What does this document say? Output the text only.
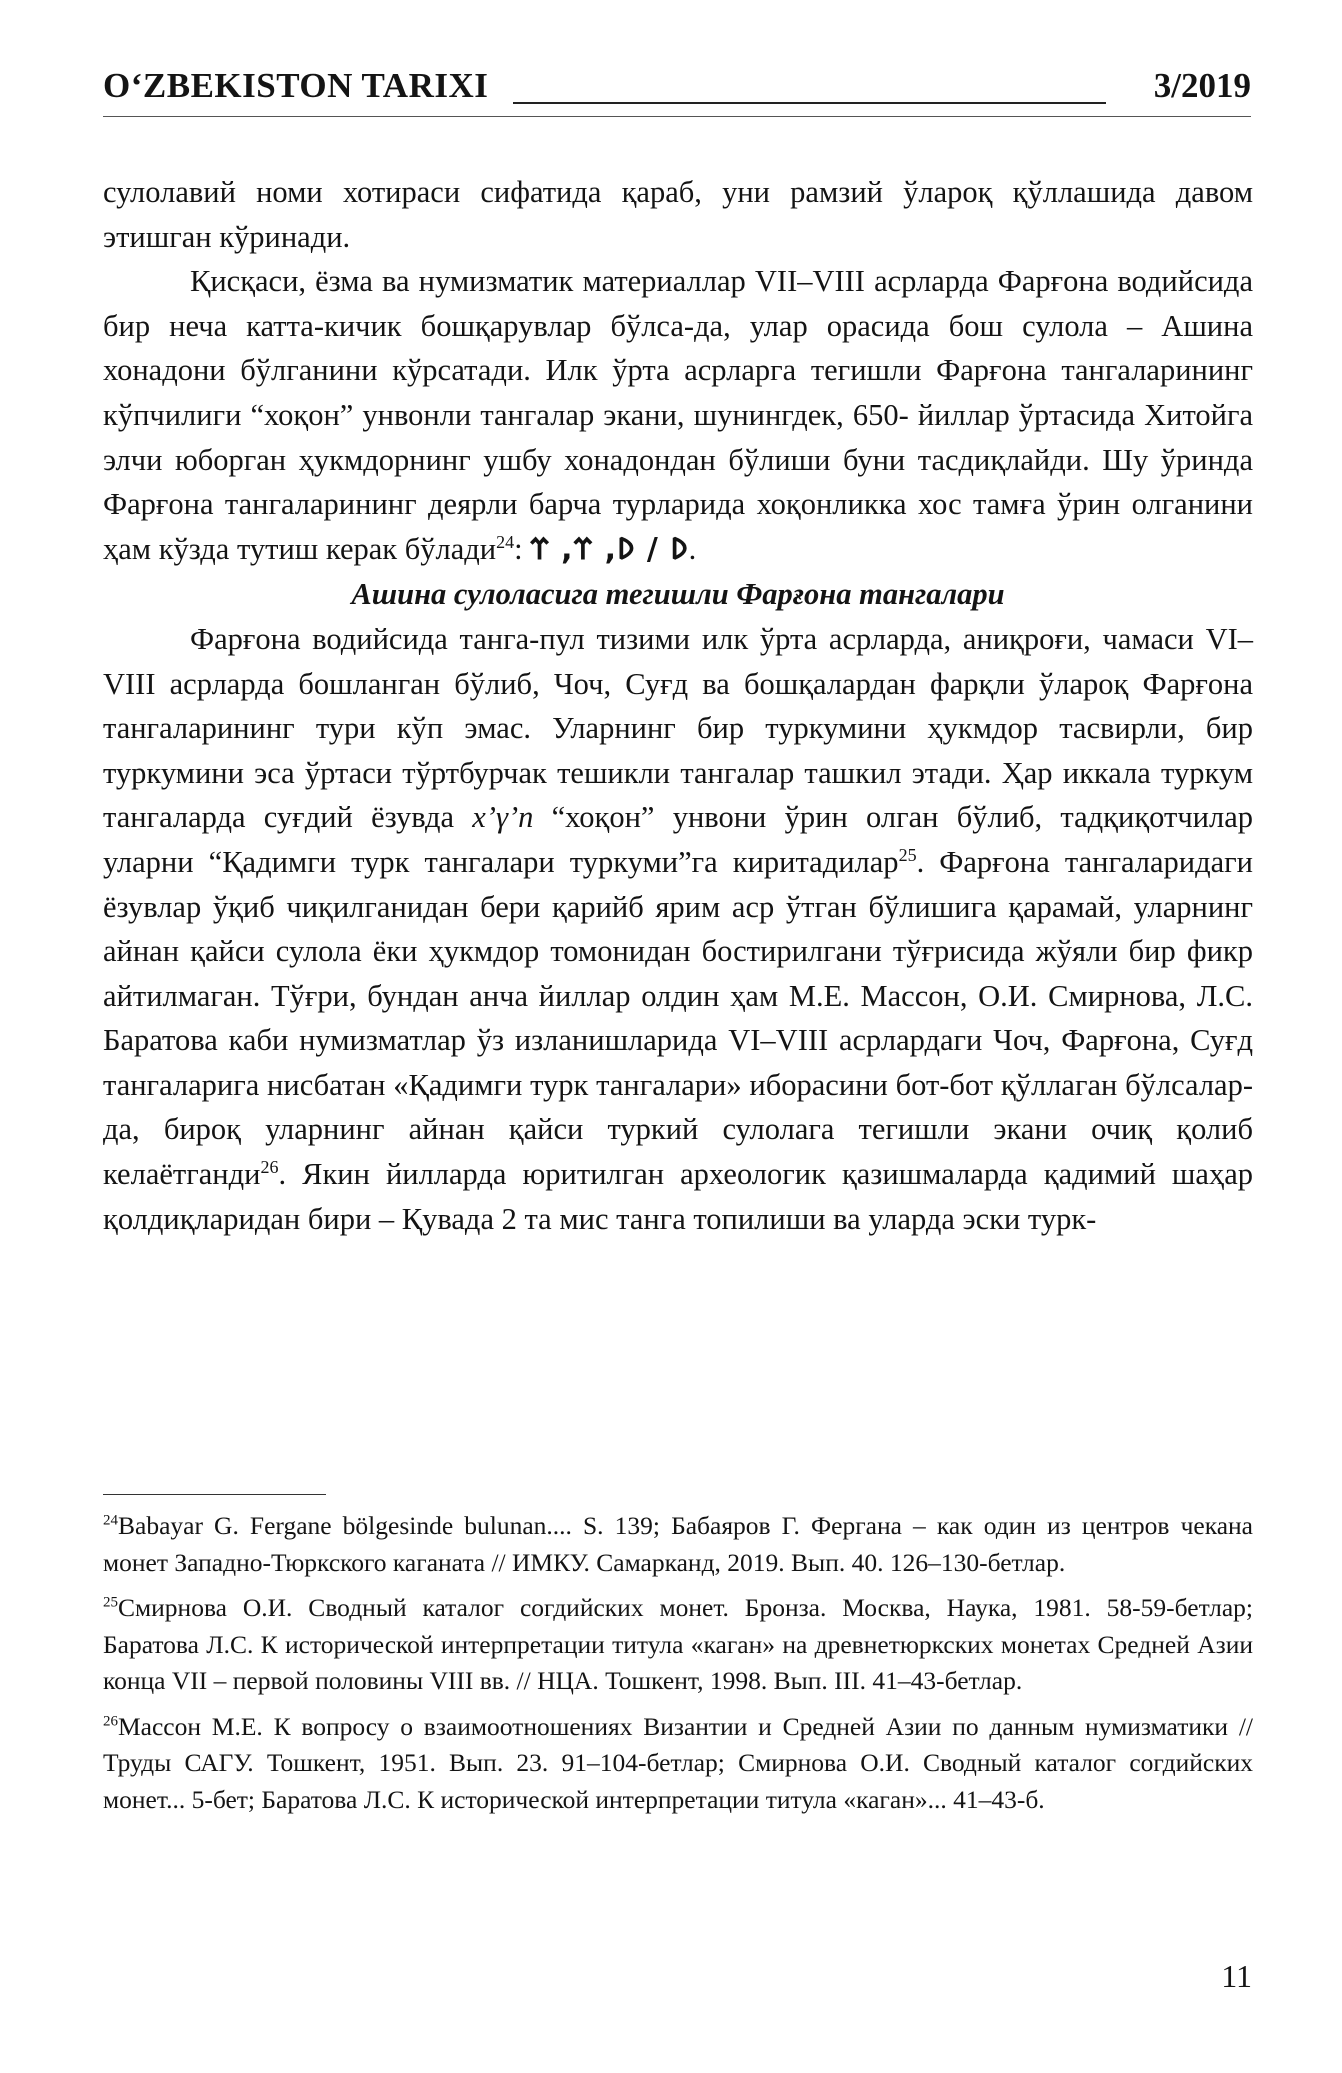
O‘ZBEKISTON TARIXI	3/2019

сулолавий номи хотираси сифатида қараб, уни рамзий ўларoқ қўллашида давом этишган кўринади.

Қисқаси, ёзма ва нумизматик материаллар VII–VIII асрларда Фарғона водийсида бир неча катта-кичик бошқарувлар бўлса-да, улар орасида бош сулола – Ашина хонадони бўлганини кўрсатади. Илк ўрта асрларга тегишли Фарғона тангаларининг кўпчилиги “хоқон” унвонли тангалар экани, шунингдек, 650- йиллар ўртасида Хитойга элчи юборган ҳукмдорнинг ушбу хонадондан бўлиши буни тасдиқлайди. Шу ўринда Фарғона тангаларининг деярли барча турларида хоқонликка хос тамға ўрин олганини ҳам кўзда тутиш керак бўлади$^{24}$: 𐰖 / 𐰖, 𐰼, 𐰼.

Ашина сулоласига тегишли Фарғона тангалари

Фарғона водийсида танга-пул тизими илк ўрта асрларда, аниқроғи, чамаси VI–VIII асрларда бошланган бўлиб, Чоч, Суғд ва бошқалардан фарқли ўларoқ Фарғона тангаларининг тури кўп эмас. Уларнинг бир туркумини ҳукмдор тасвирли, бир туркумини эса ўртаси тўртбурчак тешикли тангалар ташкил этади. Ҳар иккала туркум тангаларда суғдий ёзувда x’γ’n “хоқон” унвони ўрин олган бўлиб, тадқиқотчилар уларни “Қадимги турк тангалари туркуми”га киритадилар$^{25}$. Фарғона тангаларидаги ёзувлар ўқиб чиқилганидан бери қарийб ярим аср ўтган бўлишига қарамай, уларнинг айнан қайси сулола ёки ҳукмдор томонидан бостирилгани тўғрисида жўяли бир фикр айтилмаган. Тўғри, бундан анча йиллар олдин ҳам М.Е. Массон, О.И. Смирнова, Л.С. Баратова каби нумизматлар ўз изланишларида VI–VIII асрлардаги Чоч, Фарғона, Суғд тангаларига нисбатан «Қадимги турк тангалари» иборасини бот-бот қўллаган бўлсалар-да, бироқ уларнинг айнан қайси туркий сулолага тегишли экани очиқ қолиб келаётганди$^{26}$. Якин йилларда юритилган археологик қазишмаларда қадимий шаҳар қолдиқларидан бири – Қувада 2 та мис танга топилиши ва уларда эски турк-

$^{24}$Babayar G. Fergane bölgesinde bulunan.... S. 139; Бабаяров Г. Фергана – как один из центров чекана монет Западно-Тюркского каганата // ИМКУ. Самарканд, 2019. Вып. 40. 126–130-бетлар.

$^{25}$Смирнова О.И. Сводный каталог согдийских монет. Бронза. Москва, Наука, 1981. 58-59-бетлар; Баратова Л.С. К исторической интерпретации титула «каган» на древнетюркских монетах Средней Азии конца VII – первой половины VIII вв. // НЦА. Тошкент, 1998. Вып. III. 41–43-бетлар.

$^{26}$Массон М.Е. К вопросу о взаимоотношениях Византии и Средней Азии по данным нумизматики // Труды САГУ. Тошкент, 1951. Вып. 23. 91–104-бетлар; Смирнова О.И. Сводный каталог согдийских монет... 5-бет; Баратова Л.С. К исторической интерпретации титула «каган»... 41–43-б.

11
